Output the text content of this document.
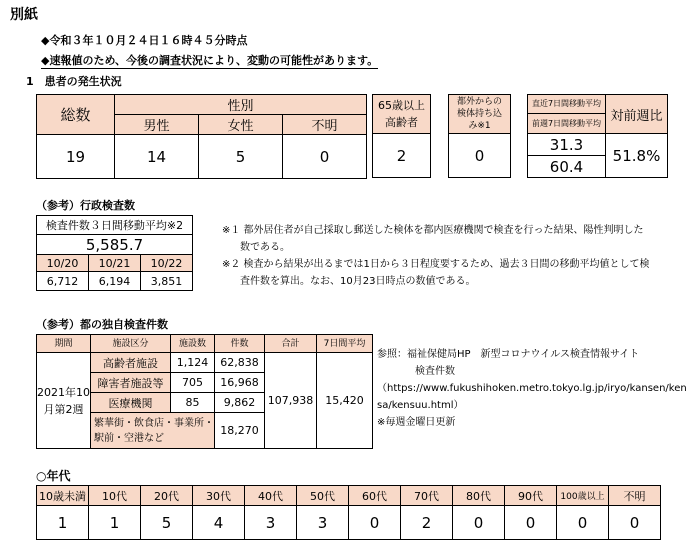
別紙
◆令和３年１０月２４日１６時４５分時点
◆速報値のため、今後の調査状況により、変動の可能性があります。
1　患者の発生状況
総数	性別		
	男性	女性	不明
19	14	5	0
65歳以上
高齢者

2
都外からの
検体持ち込
み※1

0
直近7日間移動平均	対前週比
前週7日間移動平均	
31.3	51.8%
60.4	
（参考）行政検査数
検査件数３日間移動平均※2		
5,585.7		
10/20	10/21	10/22
6,712	6,194	3,851
※１ 都外居住者が自己採取し郵送した検体を都内医療機関で検査を行った結果、陽性判明した
数である。
※２ 検査から結果が出るまでは1日から３日程度要するため、過去３日間の移動平均値として検
査件数を算出。なお、10月23日時点の数値である。
（参考）都の独自検査件数
期間	施設区分	施設数	件数	合計	7日間平均

2021年10
月第2週	高齢者施設	1,124	62,838	107,938	15,420
	障害者施設等	705	16,968		
	医療機関	85	9,862		

	繁華街・飲食店・事業所・
駅前・空港など		18,270		
参照：福祉保健局HP　新型コロナウイルス検査情報サイト
検査件数
（https://www.fukushihoken.metro.tokyo.lg.jp/iryo/kansen/ken
sa/kensuu.html）
※毎週金曜日更新
○年代
10歳未満	10代	20代	30代	40代	50代	60代	70代	80代	90代	100歳以上	不明
1	1	5	4	3	3	0	2	0	0	0	0
